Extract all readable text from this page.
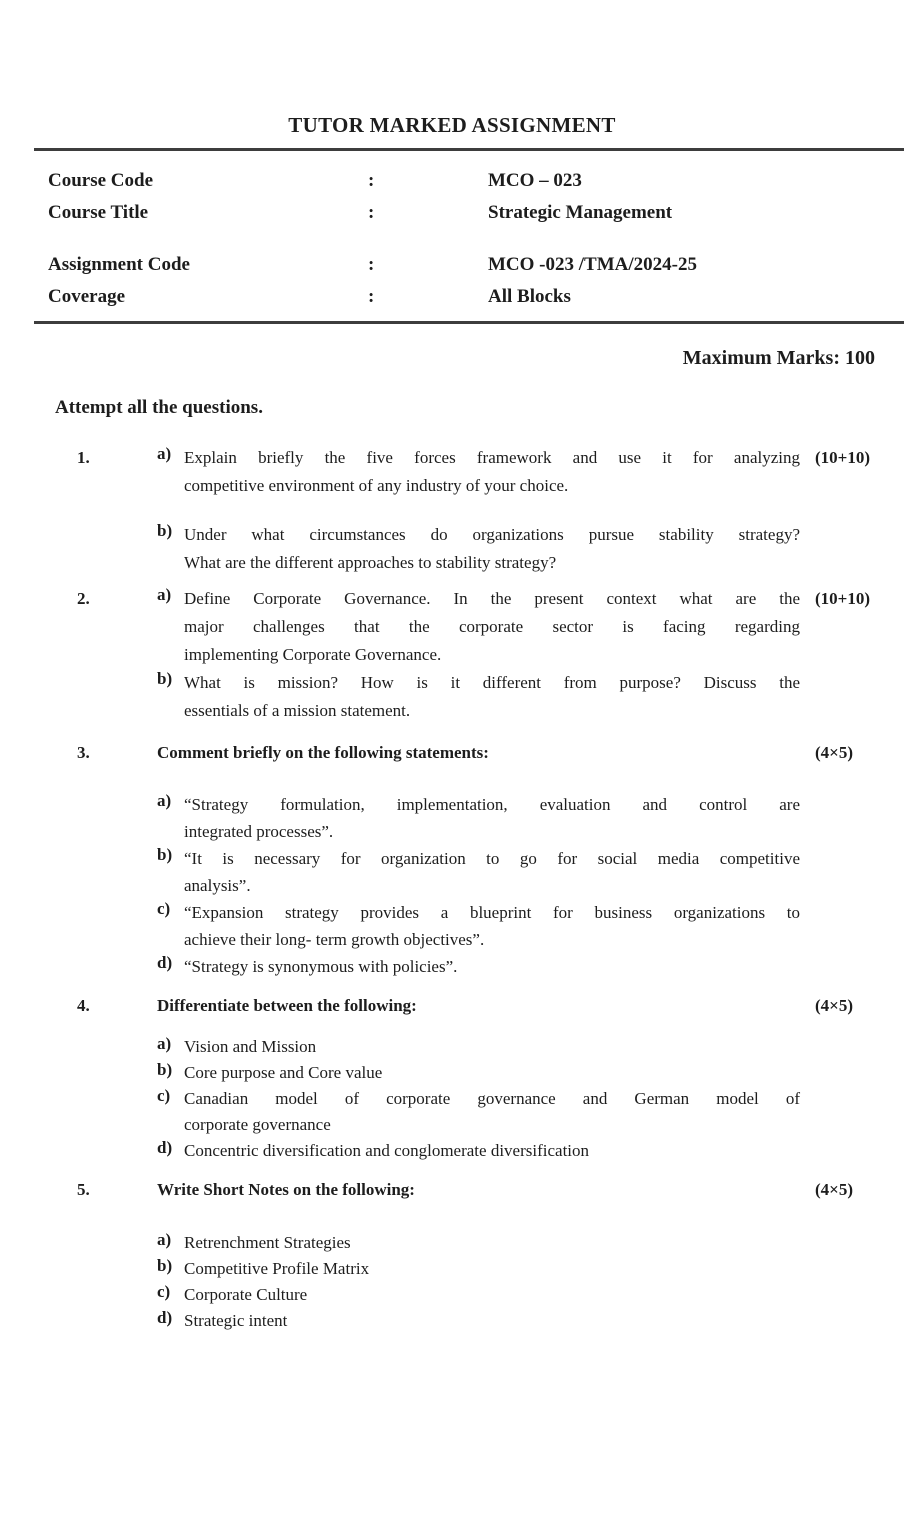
TUTOR MARKED ASSIGNMENT
Course Code	:	MCO – 023
Course Title	:	Strategic Management
Assignment Code	:	MCO -023 /TMA/2024-25
Coverage	:	All Blocks
Maximum Marks: 100
Attempt all the questions.
1.	a) Explain briefly the five forces framework and use it for analyzing
competitive environment of any industry of your choice.
b) Under what circumstances do organizations pursue stability strategy?
What are the different approaches to stability strategy?
(10+10)
2.	a) Define Corporate Governance. In the present context what are the
major challenges that the corporate sector is facing regarding
implementing Corporate Governance.
b) What is mission? How is it different from purpose? Discuss the
essentials of a mission statement.
(10+10)
3.	Comment briefly on the following statements:
a) “Strategy formulation, implementation, evaluation and control are
integrated processes”.
b) “It is necessary for organization to go for social media competitive
analysis”.
c) “Expansion strategy provides a blueprint for business organizations to
achieve their long- term growth objectives”.
d) “Strategy is synonymous with policies”.
(4×5)
4.	Differentiate between the following:
a) Vision and Mission
b) Core purpose and Core value
c) Canadian model of corporate governance and German model of
corporate governance
d) Concentric diversification and conglomerate diversification
(4×5)
5.	Write Short Notes on the following:
a) Retrenchment Strategies
b) Competitive Profile Matrix
c) Corporate Culture
d) Strategic intent
(4×5)
